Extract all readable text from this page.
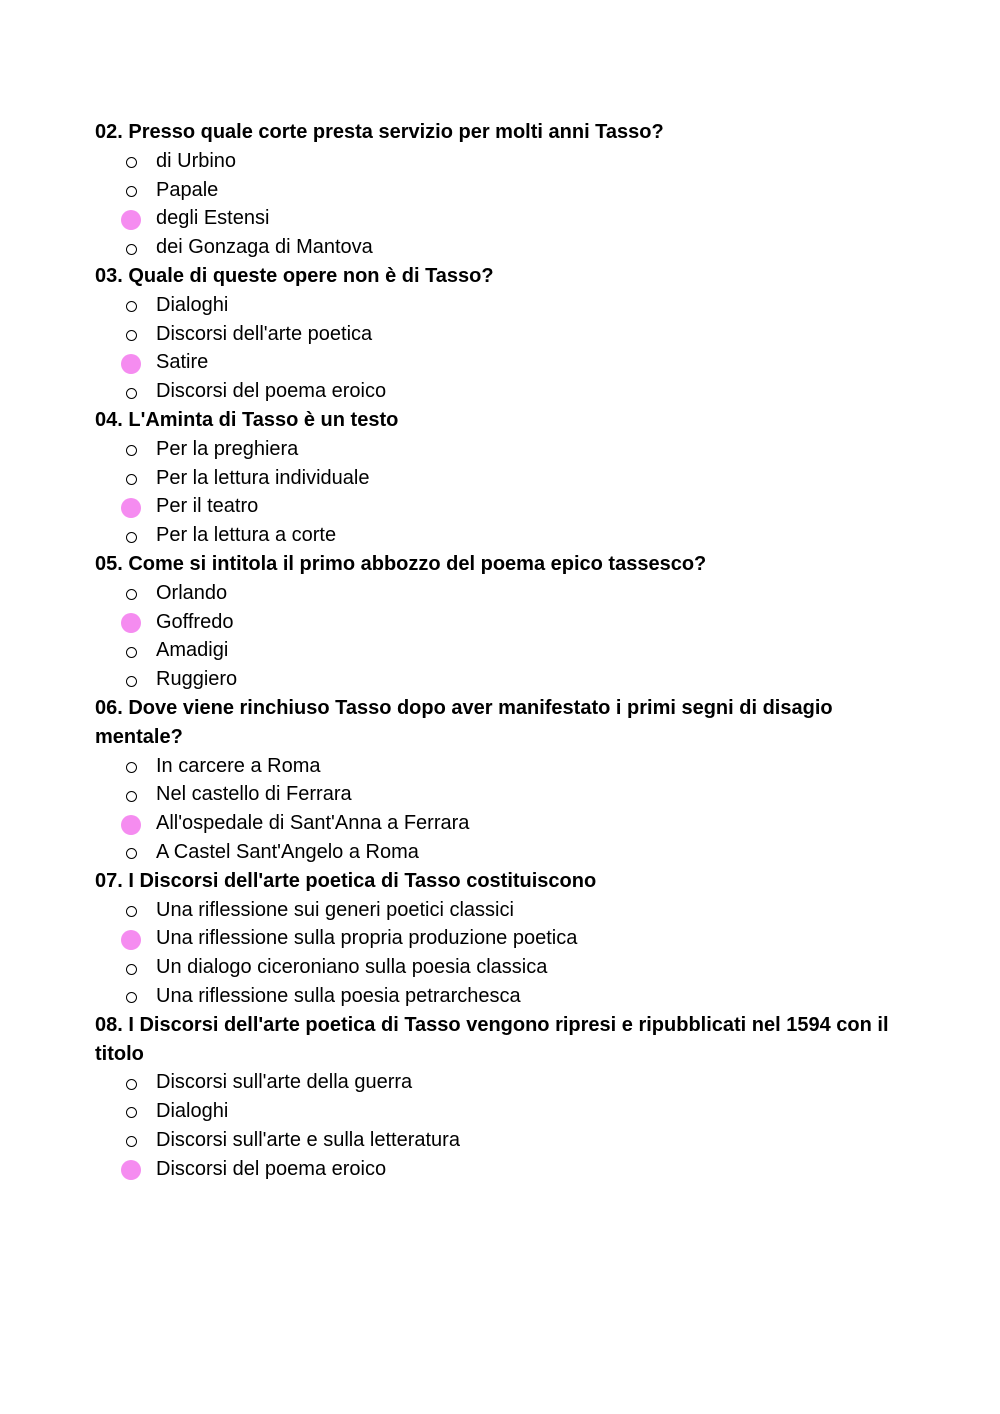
02. Presso quale corte presta servizio per molti anni Tasso?

di Urbino
Papale
degli Estensi
dei Gonzaga di Mantova

03. Quale di queste opere non è di Tasso?

Dialoghi
Discorsi dell'arte poetica
Satire
Discorsi del poema eroico

04. L'Aminta di Tasso è un testo

Per la preghiera
Per la lettura individuale
Per il teatro
Per la lettura a corte

05. Come si intitola il primo abbozzo del poema epico tassesco?

Orlando
Goffredo
Amadigi
Ruggiero

06. Dove viene rinchiuso Tasso dopo aver manifestato i primi segni di disagio mentale?

In carcere a Roma
Nel castello di Ferrara
All'ospedale di Sant'Anna a Ferrara
A Castel Sant'Angelo a Roma

07. I Discorsi dell'arte poetica di Tasso costituiscono

Una riflessione sui generi poetici classici
Una riflessione sulla propria produzione poetica
Un dialogo ciceroniano sulla poesia classica
Una riflessione sulla poesia petrarchesca

08. I Discorsi dell'arte poetica di Tasso vengono ripresi e ripubblicati nel 1594 con il titolo

Discorsi sull'arte della guerra
Dialoghi
Discorsi sull'arte e sulla letteratura
Discorsi del poema eroico
